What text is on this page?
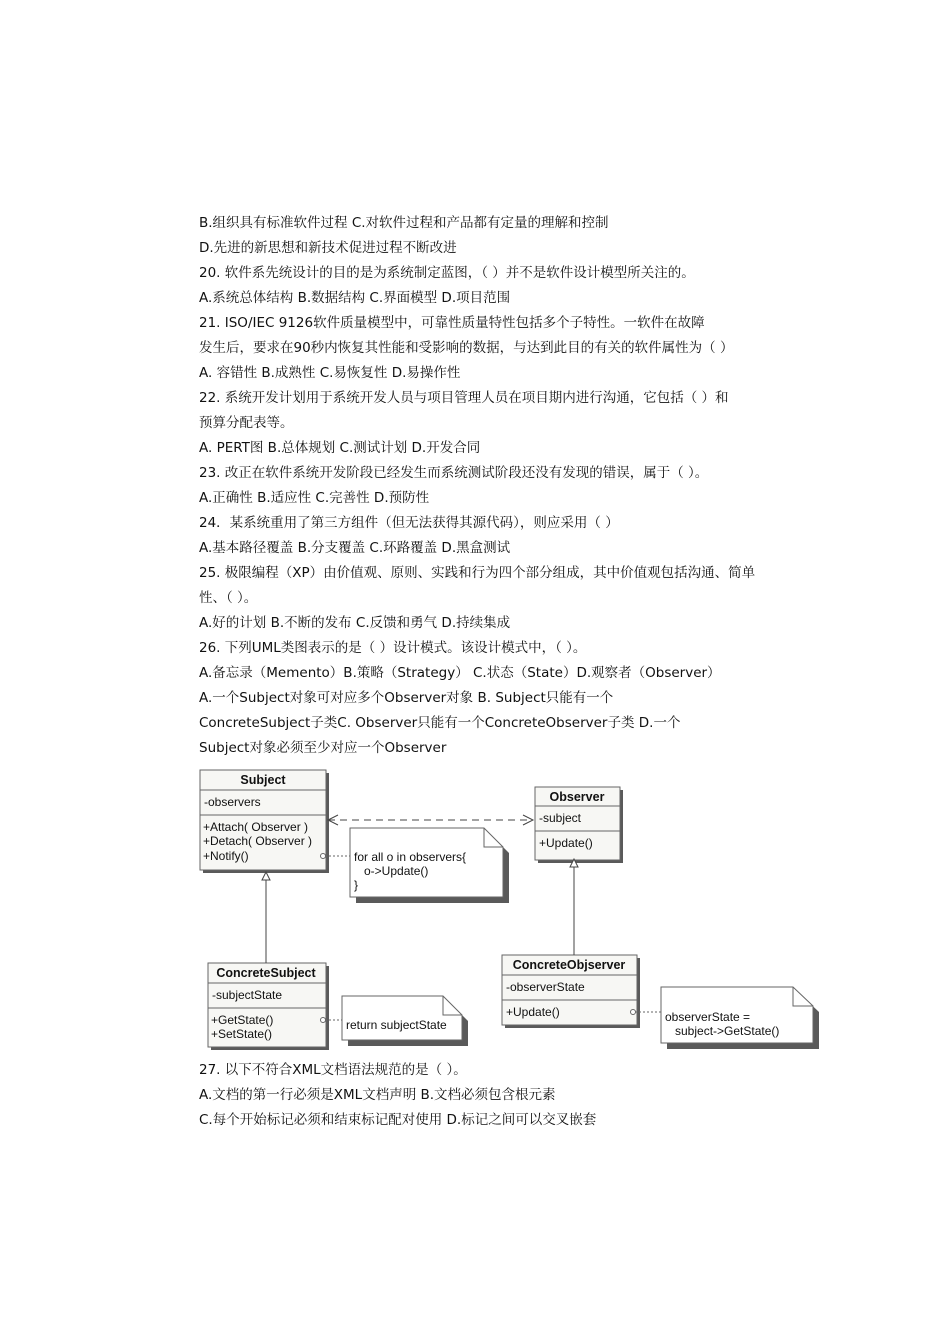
B.组织具有标准软件过程 C.对软件过程和产品都有定量的理解和控制
D.先进的新思想和新技术促进过程不断改进
20. 软件系先统设计的目的是为系统制定蓝图，（ ）并不是软件设计模型所关注的。
A.系统总体结构 B.数据结构 C.界面模型 D.项目范围
21. ISO/IEC 9126软件质量模型中，可靠性质量特性包括多个子特性。一软件在故障
发生后，要求在90秒内恢复其性能和受影响的数据，与达到此目的有关的软件属性为（ ）
A. 容错性 B.成熟性 C.易恢复性 D.易操作性
22. 系统开发计划用于系统开发人员与项目管理人员在项目期内进行沟通，它包括（ ）和
预算分配表等。
A. PERT图 B.总体规划 C.测试计划 D.开发合同
23. 改正在软件系统开发阶段已经发生而系统测试阶段还没有发现的错误，属于（ ）。
A.正确性 B.适应性 C.完善性 D.预防性
24．某系统重用了第三方组件（但无法获得其源代码），则应采用（ ）
A.基本路径覆盖 B.分支覆盖 C.环路覆盖 D.黑盒测试
25. 极限编程（XP）由价值观、原则、实践和行为四个部分组成，其中价值观包括沟通、简单
性、（ ）。
A.好的计划 B.不断的发布 C.反馈和勇气 D.持续集成
26. 下列UML类图表示的是（ ）设计模式。该设计模式中，（ ）。
A.备忘录（Memento）B.策略（Strategy） C.状态（State）D.观察者（Observer）
A.一个Subject对象可对应多个Observer对象 B. Subject只能有一个
ConcreteSubject子类C. Observer只能有一个ConcreteObserver子类 D.一个
Subject对象必须至少对应一个Observer
Subject
-observers
+Attach( Observer )
+Detach( Observer )
+Notify()
Observer
-subject
+Update()
ConcreteSubject
-subjectState
+GetState()
+SetState()
ConcreteObjserver
-observerState
+Update()
for all o in observers{
o->Update()
}
return subjectState
observerState =
subject->GetState()
27. 以下不符合XML文档语法规范的是（ ）。
A.文档的第一行必须是XML文档声明 B.文档必须包含根元素
C.每个开始标记必须和结束标记配对使用 D.标记之间可以交叉嵌套
